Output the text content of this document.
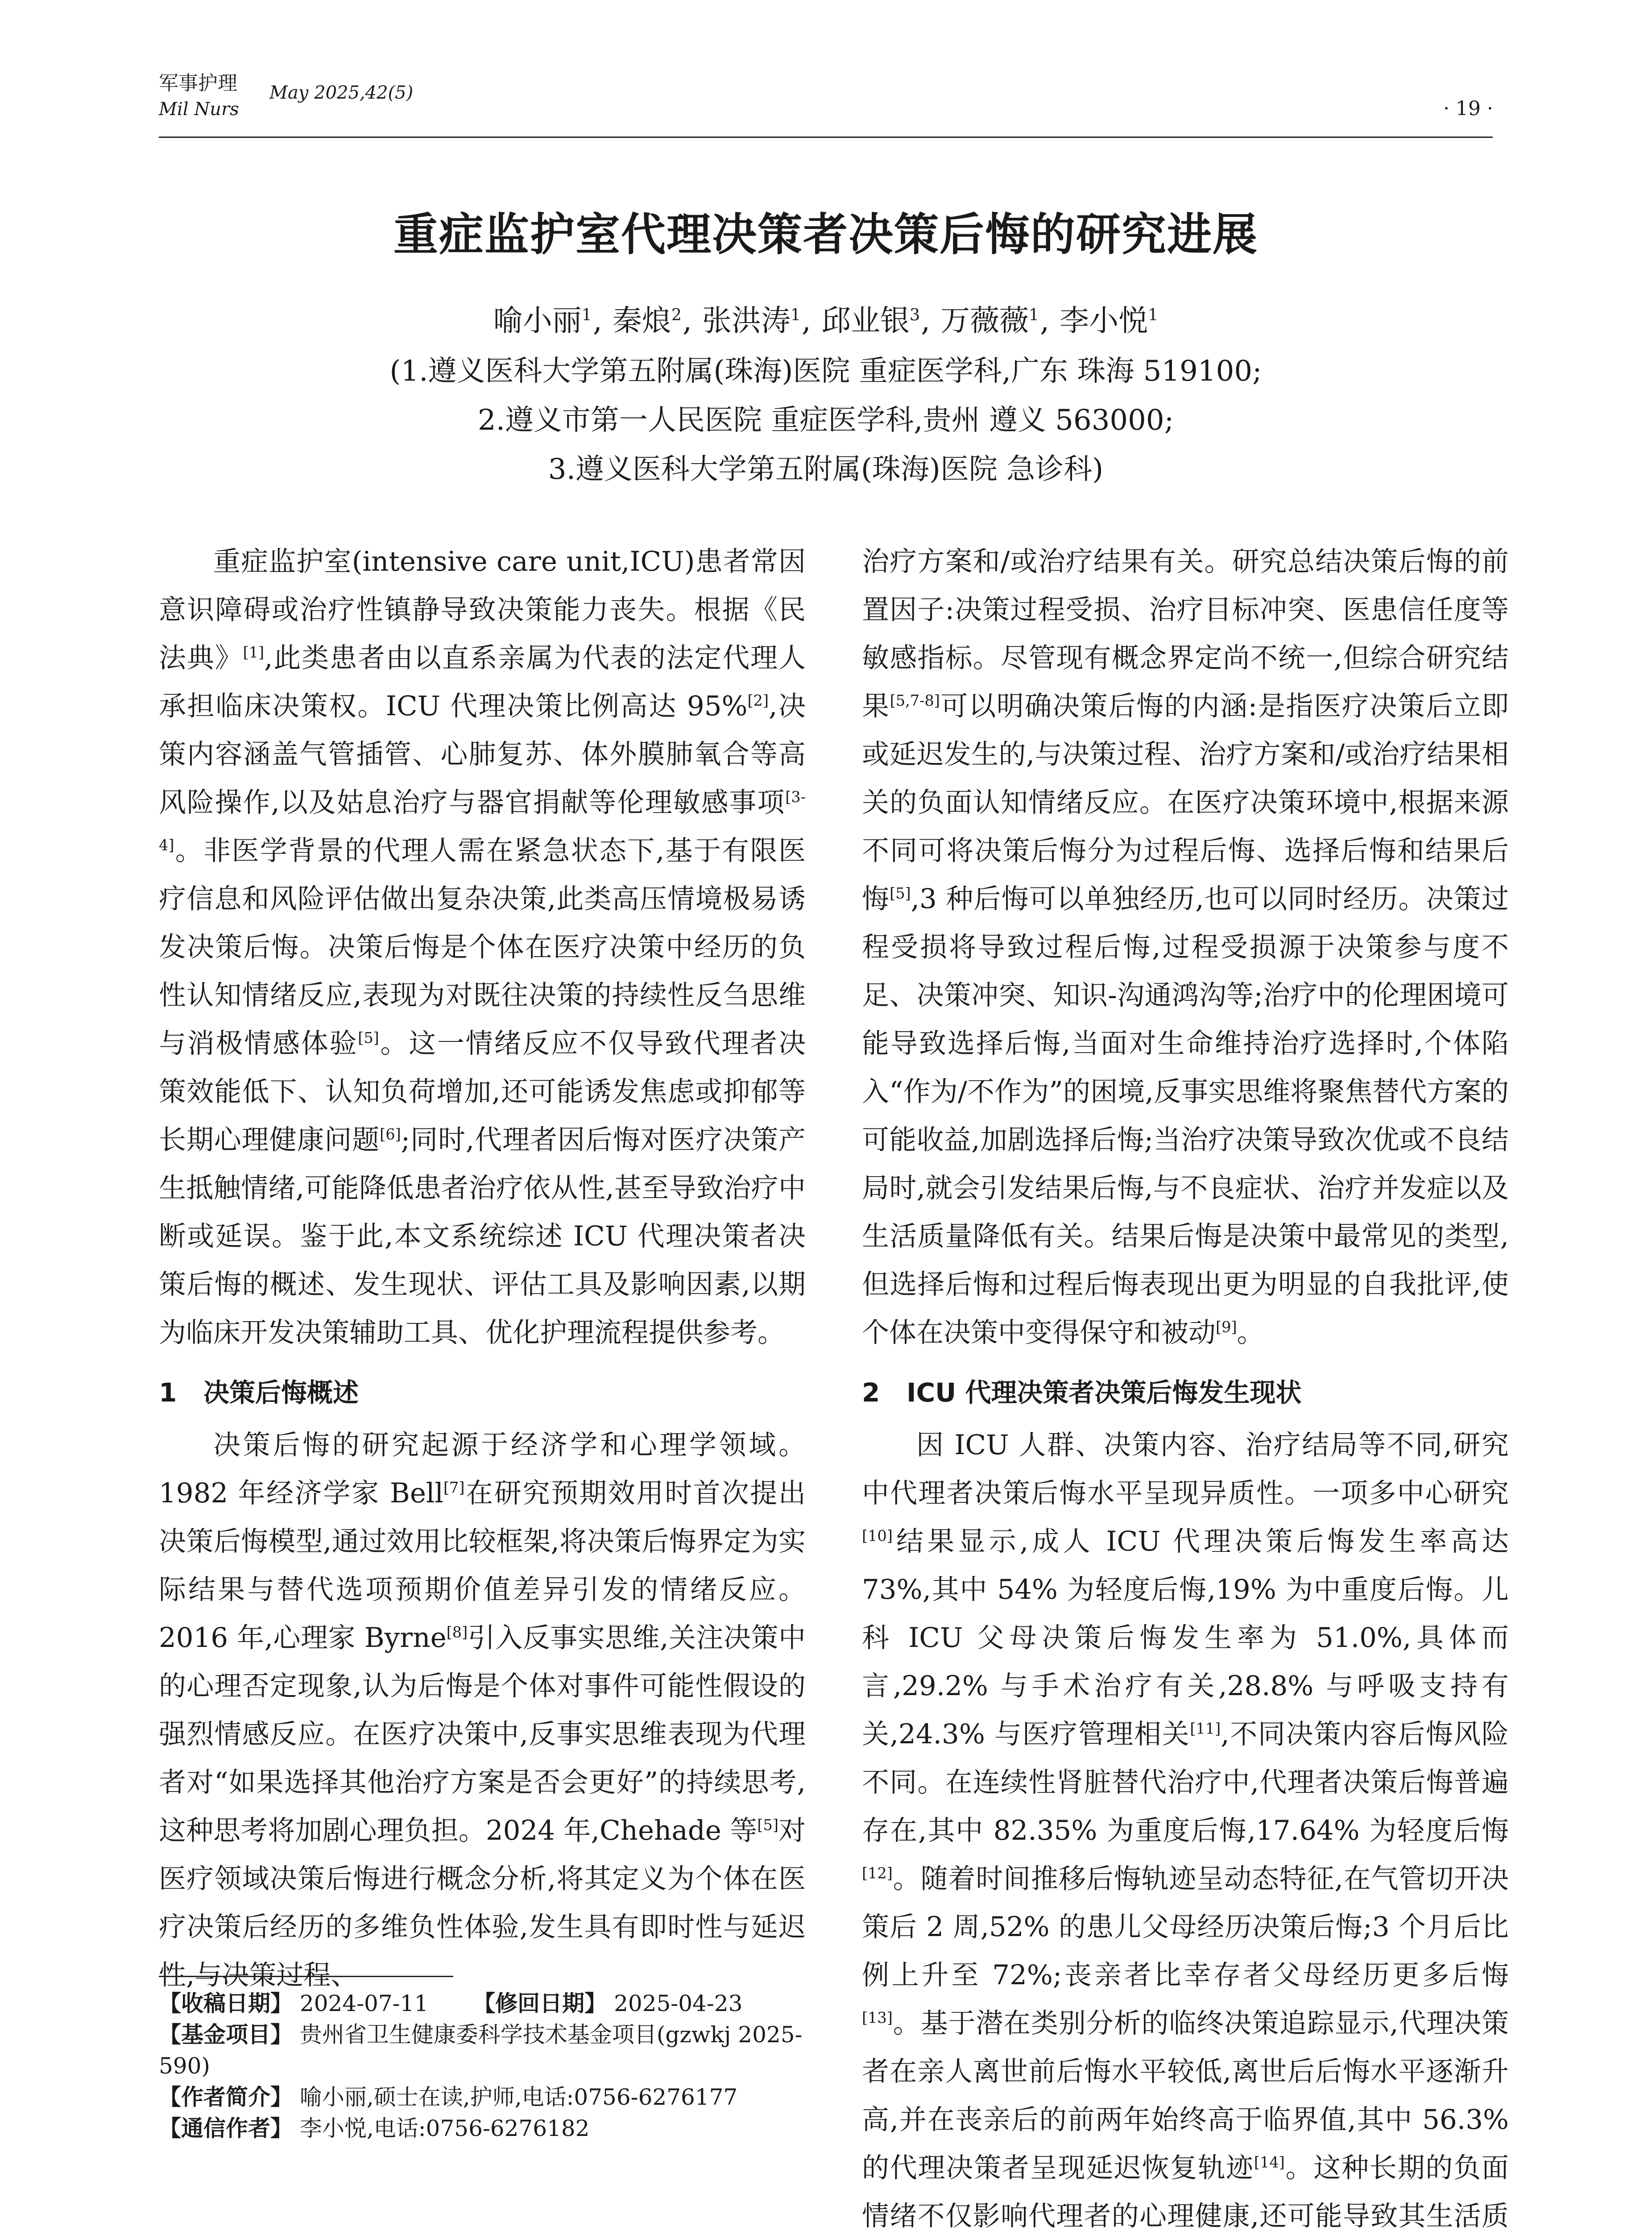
军事护理
Mil Nurs
May 2025,42(5)
· 19 ·
重症监护室代理决策者决策后悔的研究进展
喻小丽$^1$, 秦烺$^2$, 张洪涛$^1$, 邱业银$^3$, 万薇薇$^1$, 李小悦$^1$
(1.遵义医科大学第五附属(珠海)医院 重症医学科,广东 珠海 519100;
2.遵义市第一人民医院 重症医学科,贵州 遵义 563000;
3.遵义医科大学第五附属(珠海)医院 急诊科)

重症监护室(intensive care unit,ICU)患者常因意识障碍或治疗性镇静导致决策能力丧失。根据《民法典》[1],此类患者由以直系亲属为代表的法定代理人承担临床决策权。ICU 代理决策比例高达 95%[2],决策内容涵盖气管插管、心肺复苏、体外膜肺氧合等高风险操作,以及姑息治疗与器官捐献等伦理敏感事项[3-4]。非医学背景的代理人需在紧急状态下,基于有限医疗信息和风险评估做出复杂决策,此类高压情境极易诱发决策后悔。决策后悔是个体在医疗决策中经历的负性认知情绪反应,表现为对既往决策的持续性反刍思维与消极情感体验[5]。这一情绪反应不仅导致代理者决策效能低下、认知负荷增加,还可能诱发焦虑或抑郁等长期心理健康问题[6];同时,代理者因后悔对医疗决策产生抵触情绪,可能降低患者治疗依从性,甚至导致治疗中断或延误。鉴于此,本文系统综述 ICU 代理决策者决策后悔的概述、发生现状、评估工具及影响因素,以期为临床开发决策辅助工具、优化护理流程提供参考。

1 决策后悔概述

决策后悔的研究起源于经济学和心理学领域。1982 年经济学家 Bell[7]在研究预期效用时首次提出决策后悔模型,通过效用比较框架,将决策后悔界定为实际结果与替代选项预期价值差异引发的情绪反应。2016 年,心理家 Byrne[8]引入反事实思维,关注决策中的心理否定现象,认为后悔是个体对事件可能性假设的强烈情感反应。在医疗决策中,反事实思维表现为代理者对“如果选择其他治疗方案是否会更好”的持续思考,这种思考将加剧心理负担。2024 年,Chehade 等[5]对医疗领域决策后悔进行概念分析,将其定义为个体在医疗决策后经历的多维负性体验,发生具有即时性与延迟性,与决策过程、

治疗方案和/或治疗结果有关。研究总结决策后悔的前置因子:决策过程受损、治疗目标冲突、医患信任度等敏感指标。尽管现有概念界定尚不统一,但综合研究结果[5,7-8]可以明确决策后悔的内涵:是指医疗决策后立即或延迟发生的,与决策过程、治疗方案和/或治疗结果相关的负面认知情绪反应。在医疗决策环境中,根据来源不同可将决策后悔分为过程后悔、选择后悔和结果后悔[5],3 种后悔可以单独经历,也可以同时经历。决策过程受损将导致过程后悔,过程受损源于决策参与度不足、决策冲突、知识-沟通鸿沟等;治疗中的伦理困境可能导致选择后悔,当面对生命维持治疗选择时,个体陷入“作为/不作为”的困境,反事实思维将聚焦替代方案的可能收益,加剧选择后悔;当治疗决策导致次优或不良结局时,就会引发结果后悔,与不良症状、治疗并发症以及生活质量降低有关。结果后悔是决策中最常见的类型,但选择后悔和过程后悔表现出更为明显的自我批评,使个体在决策中变得保守和被动[9]。

2 ICU 代理决策者决策后悔发生现状

因 ICU 人群、决策内容、治疗结局等不同,研究中代理者决策后悔水平呈现异质性。一项多中心研究[10]结果显示,成人 ICU 代理决策后悔发生率高达 73%,其中 54% 为轻度后悔,19% 为中重度后悔。儿科 ICU 父母决策后悔发生率为 51.0%,具体而言,29.2% 与手术治疗有关,28.8% 与呼吸支持有关,24.3% 与医疗管理相关[11],不同决策内容后悔风险不同。在连续性肾脏替代治疗中,代理者决策后悔普遍存在,其中 82.35% 为重度后悔,17.64% 为轻度后悔[12]。随着时间推移后悔轨迹呈动态特征,在气管切开决策后 2 周,52% 的患儿父母经历决策后悔;3 个月后比例上升至 72%;丧亲者比幸存者父母经历更多后悔[13]。基于潜在类别分析的临终决策追踪显示,代理决策者在亲人离世前后悔水平较低,离世后后悔水平逐渐升高,并在丧亲后的前两年始终高于临界值,其中 56.3% 的代理决策者呈现延迟恢复轨迹[14]。这种长期的负面情绪不仅影响代理者的心理健康,还可能导致其生活质

【收稿日期】 2024-07-11 【修回日期】 2025-04-23
【基金项目】 贵州省卫生健康委科学技术基金项目(gzwkj 2025-590)
【作者简介】 喻小丽,硕士在读,护师,电话:0756-6276177
【通信作者】 李小悦,电话:0756-6276182
